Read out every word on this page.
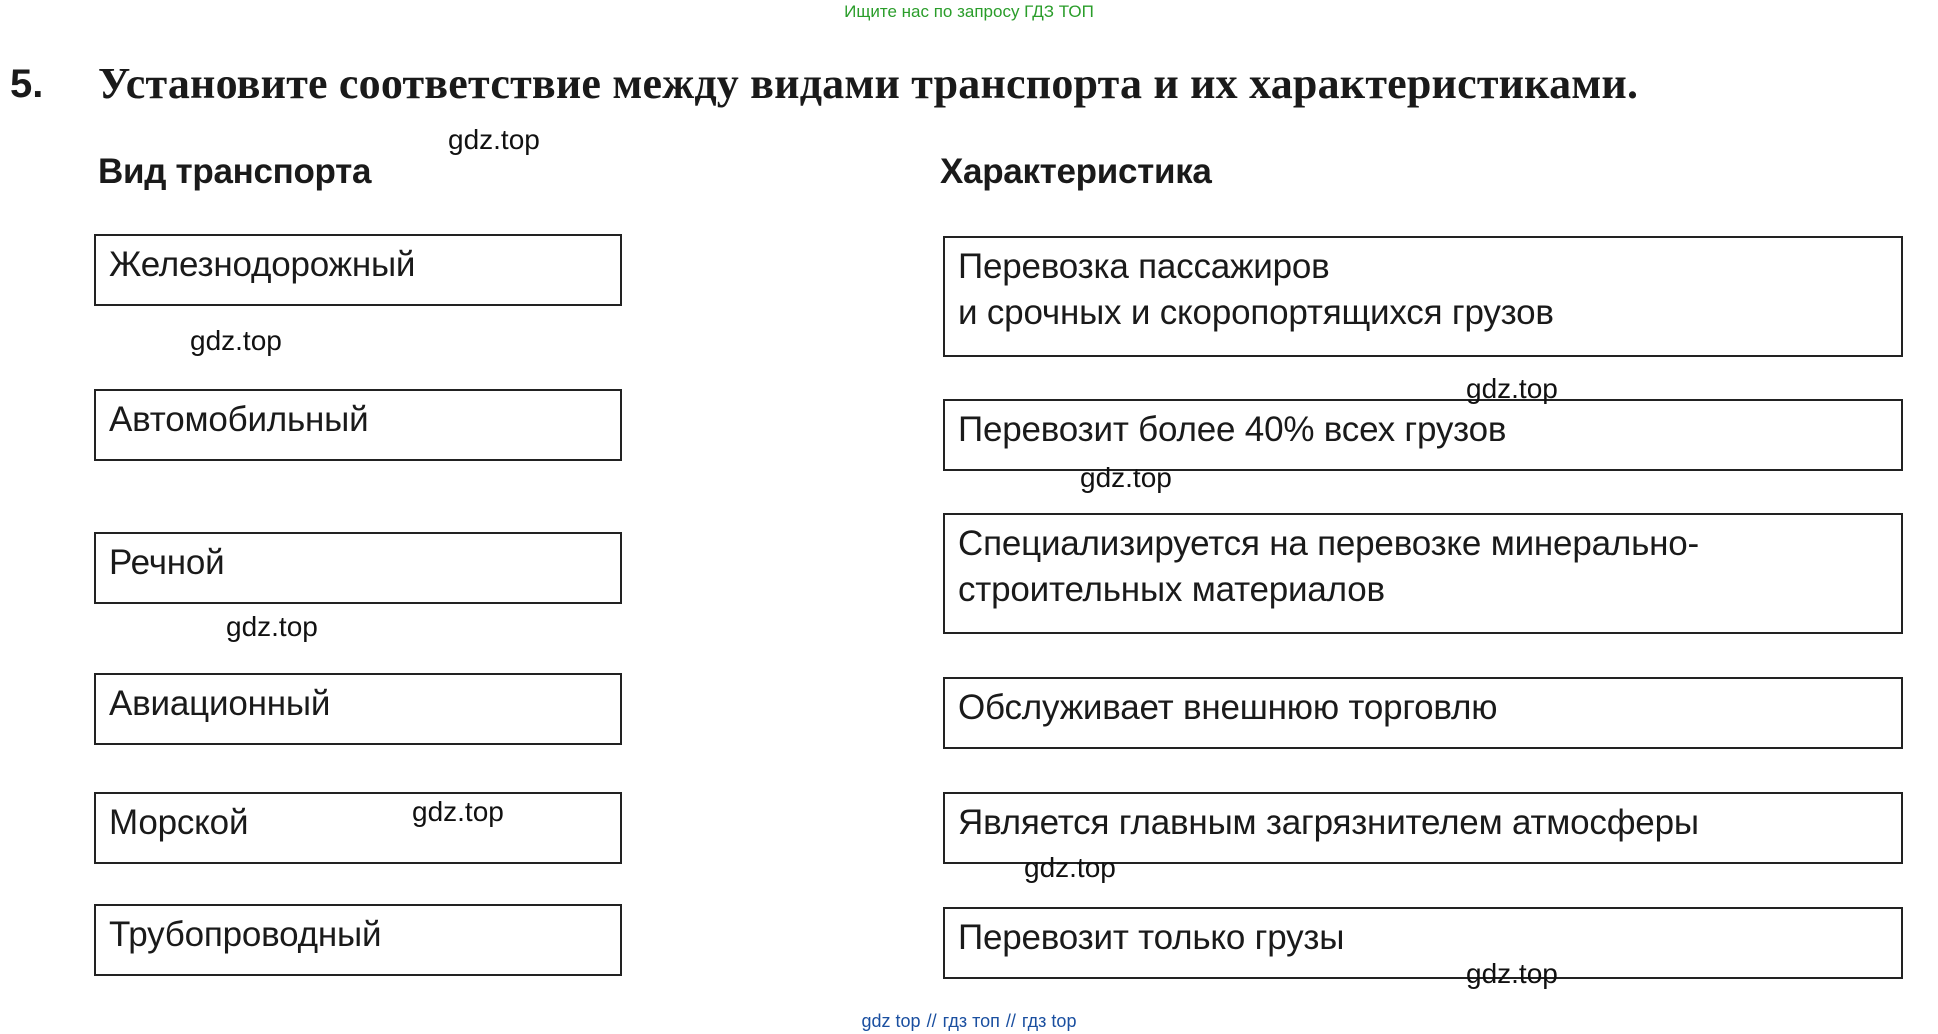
Ищите нас по запросу ГДЗ ТОП
5. Установите соответствие между видами транспорта и их характеристиками.
Вид транспорта	Характеристика
Железнодорожный
Автомобильный
Речной
Авиационный
Морской
Трубопроводный
Перевозка пассажиров
и срочных и скоропортящихся грузов
Перевозит более 40% всех грузов
Специализируется на перевозке минерально-
строительных материалов
Обслуживает внешнюю торговлю
Является главным загрязнителем атмосферы
Перевозит только грузы
gdz.top
gdz.top
gdz.top
gdz.top
gdz.top
gdz.top
gdz.top
gdz.top
gdz top // гдз топ // гдз top
